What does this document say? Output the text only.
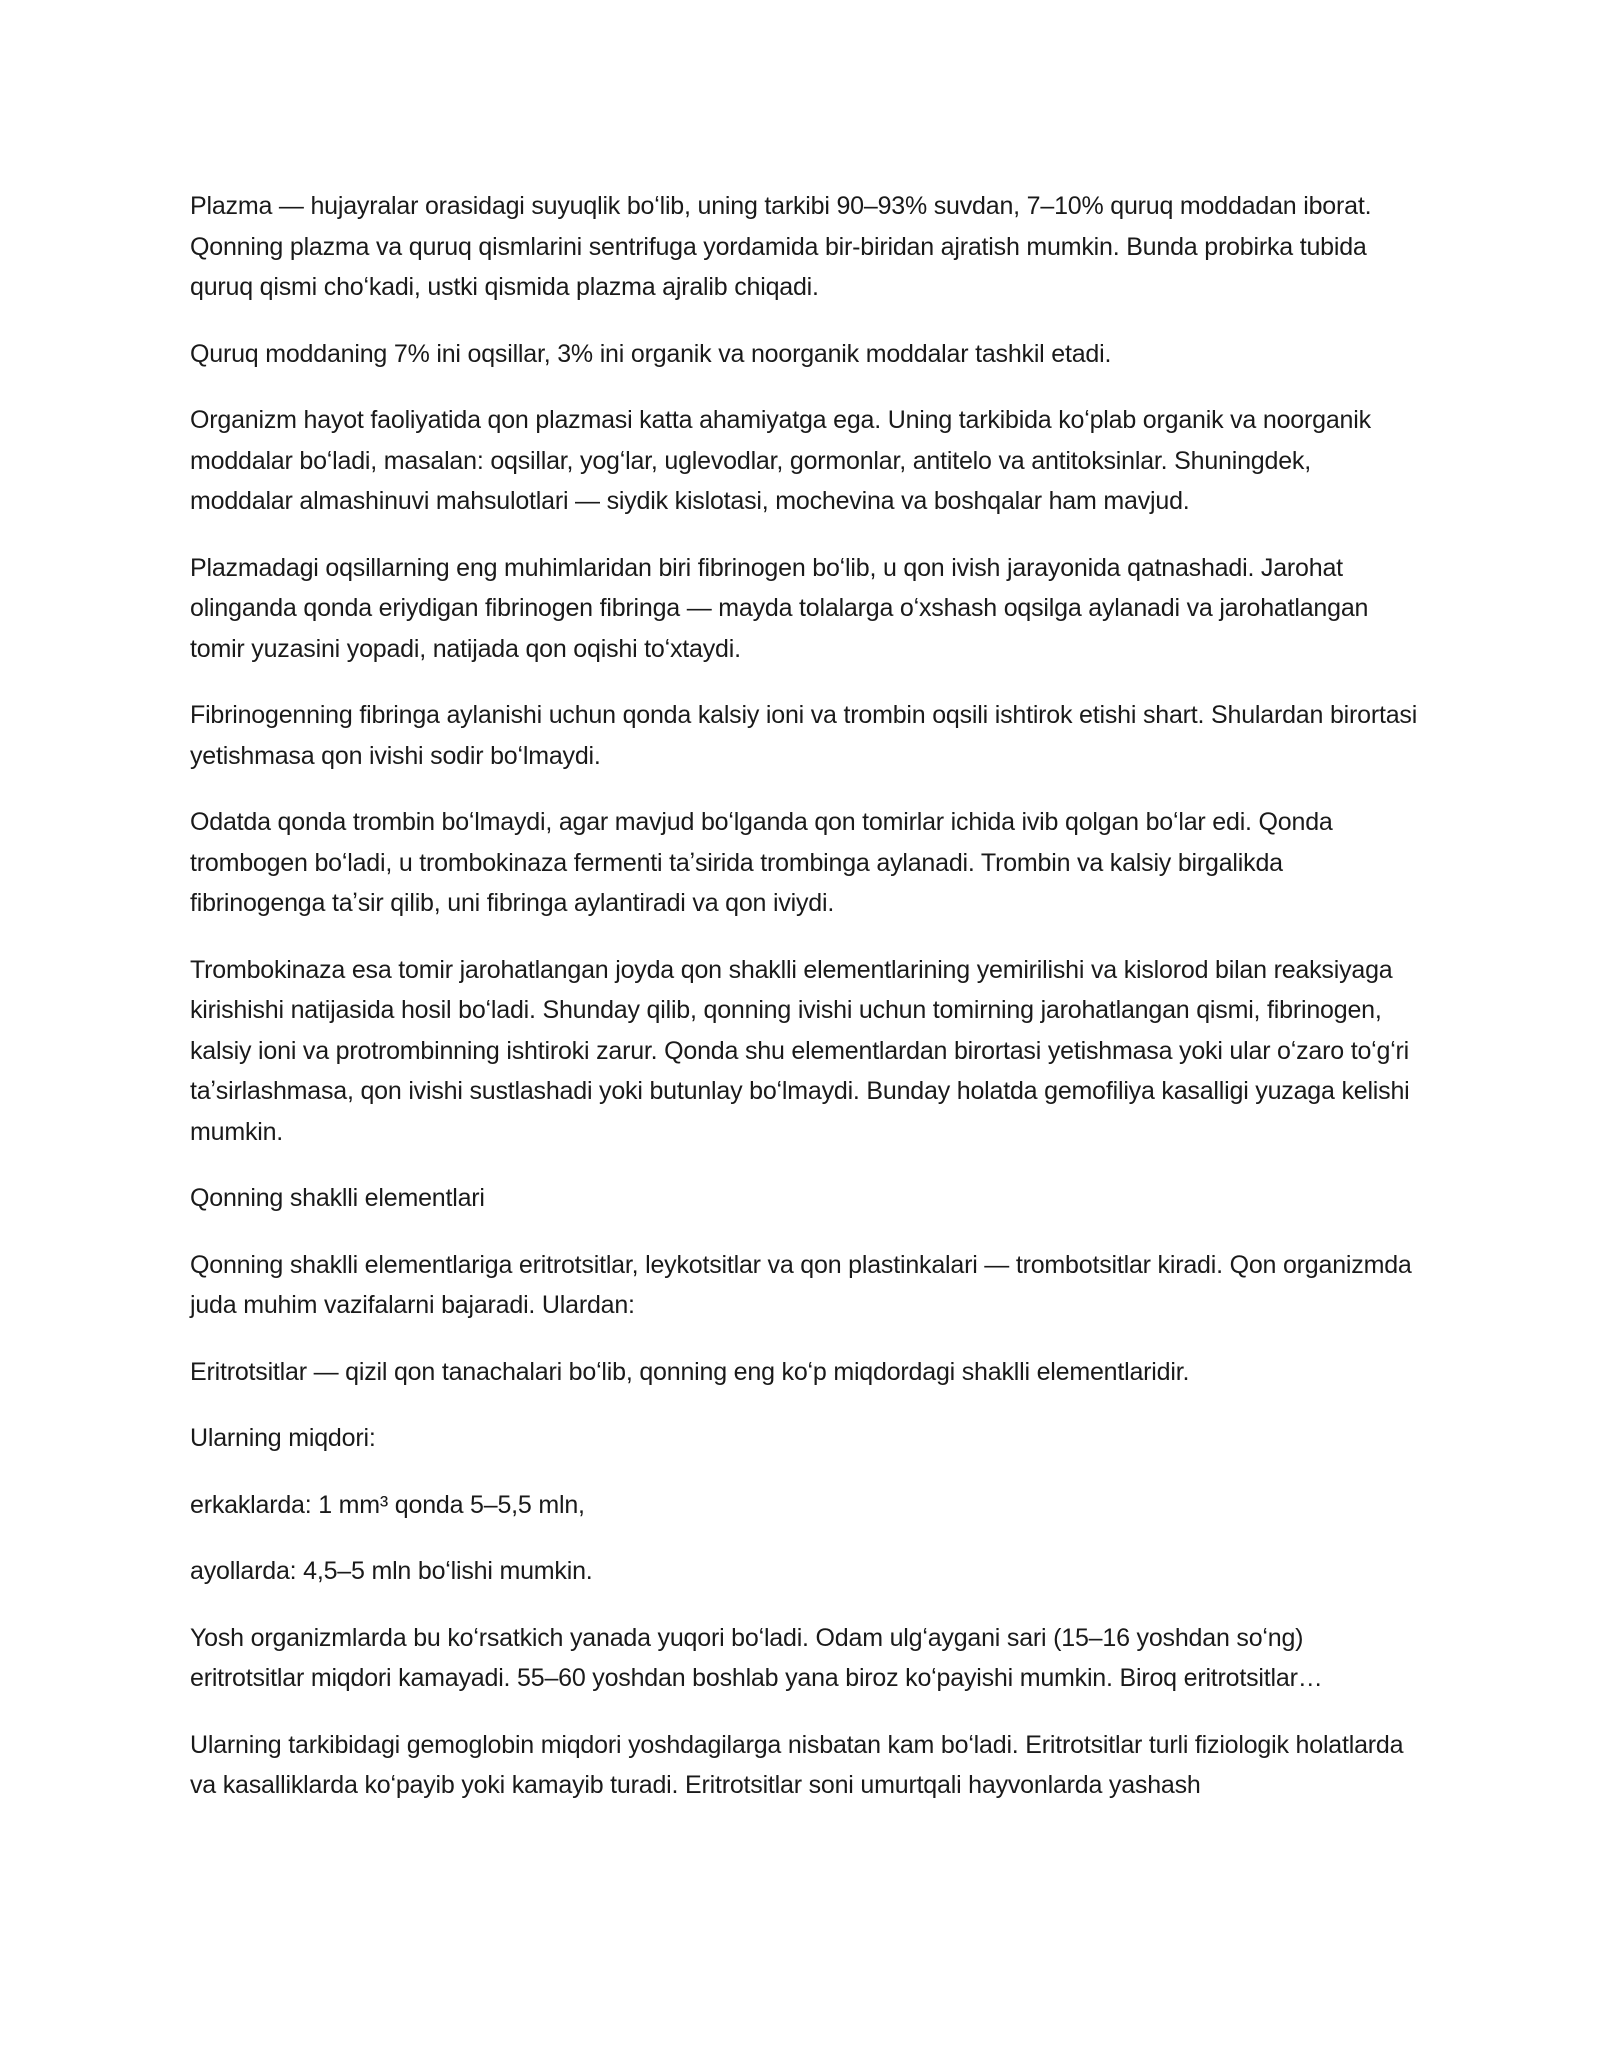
Plazma — hujayralar orasidagi suyuqlik boʻlib, uning tarkibi 90–93% suvdan, 7–10% quruq moddadan iborat. Qonning plazma va quruq qismlarini sentrifuga yordamida bir-biridan ajratish mumkin. Bunda probirka tubida quruq qismi choʻkadi, ustki qismida plazma ajralib chiqadi.

Quruq moddaning 7% ini oqsillar, 3% ini organik va noorganik moddalar tashkil etadi.

Organizm hayot faoliyatida qon plazmasi katta ahamiyatga ega. Uning tarkibida koʻplab organik va noorganik moddalar boʻladi, masalan: oqsillar, yogʻlar, uglevodlar, gormonlar, antitelo va antitoksinlar. Shuningdek, moddalar almashinuvi mahsulotlari — siydik kislotasi, mochevina va boshqalar ham mavjud.

Plazmadagi oqsillarning eng muhimlaridan biri fibrinogen boʻlib, u qon ivish jarayonida qatnashadi. Jarohat olinganda qonda eriydigan fibrinogen fibringa — mayda tolalarga oʻxshash oqsilga aylanadi va jarohatlangan tomir yuzasini yopadi, natijada qon oqishi toʻxtaydi.

Fibrinogenning fibringa aylanishi uchun qonda kalsiy ioni va trombin oqsili ishtirok etishi shart. Shulardan birortasi yetishmasa qon ivishi sodir boʻlmaydi.

Odatda qonda trombin boʻlmaydi, agar mavjud boʻlganda qon tomirlar ichida ivib qolgan boʻlar edi. Qonda trombogen boʻladi, u trombokinaza fermenti taʼsirida trombinga aylanadi. Trombin va kalsiy birgalikda fibrinogenga taʼsir qilib, uni fibringa aylantiradi va qon iviydi.

Trombokinaza esa tomir jarohatlangan joyda qon shaklli elementlarining yemirilishi va kislorod bilan reaksiyaga kirishishi natijasida hosil boʻladi. Shunday qilib, qonning ivishi uchun tomirning jarohatlangan qismi, fibrinogen, kalsiy ioni va protrombinning ishtiroki zarur. Qonda shu elementlardan birortasi yetishmasa yoki ular oʻzaro toʻgʻri taʼsirlashmasa, qon ivishi sustlashadi yoki butunlay boʻlmaydi. Bunday holatda gemofiliya kasalligi yuzaga kelishi mumkin.

Qonning shaklli elementlari

Qonning shaklli elementlariga eritrotsitlar, leykotsitlar va qon plastinkalari — trombotsitlar kiradi. Qon organizmda juda muhim vazifalarni bajaradi. Ulardan:

Eritrotsitlar — qizil qon tanachalari boʻlib, qonning eng koʻp miqdordagi shaklli elementlaridir.

Ularning miqdori:

erkaklarda: 1 mm³ qonda 5–5,5 mln,

ayollarda: 4,5–5 mln boʻlishi mumkin.

Yosh organizmlarda bu koʻrsatkich yanada yuqori boʻladi. Odam ulgʻaygani sari (15–16 yoshdan soʻng) eritrotsitlar miqdori kamayadi. 55–60 yoshdan boshlab yana biroz koʻpayishi mumkin. Biroq eritrotsitlar…

Ularning tarkibidagi gemoglobin miqdori yoshdagilarga nisbatan kam boʻladi. Eritrotsitlar turli fiziologik holatlarda va kasalliklarda koʻpayib yoki kamayib turadi. Eritrotsitlar soni umurtqali hayvonlarda yashash
